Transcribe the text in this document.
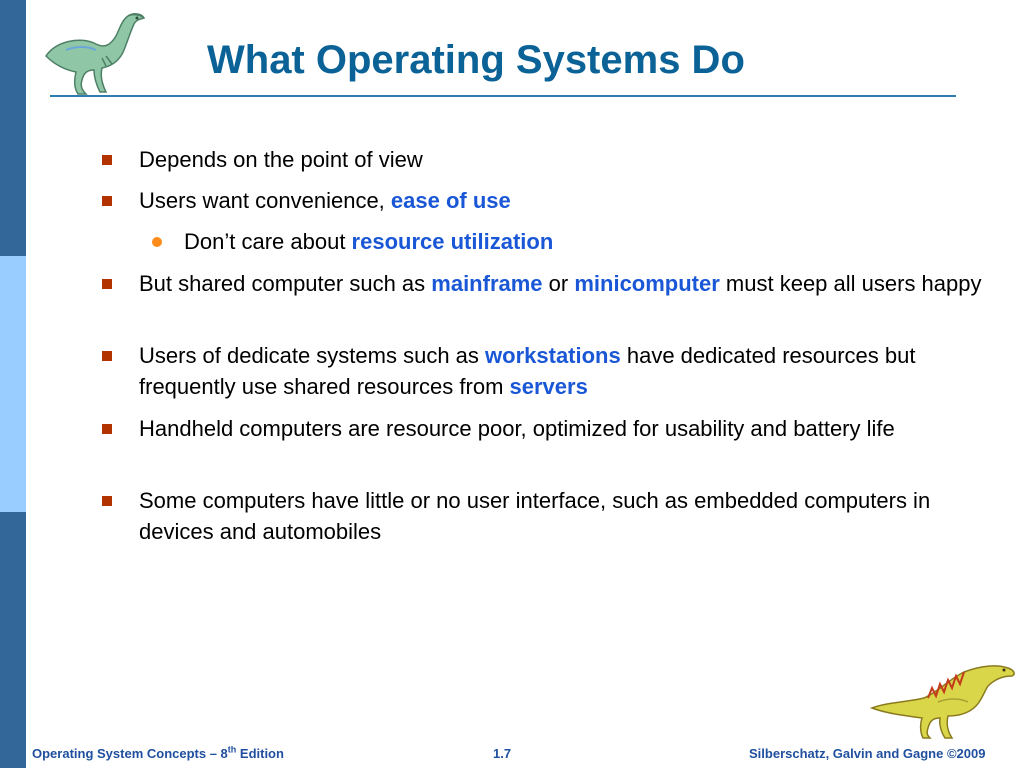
What Operating Systems Do
Depends on the point of view
Users want convenience, ease of use
Don’t care about resource utilization
But shared computer such as mainframe or minicomputer must keep all users happy
Users of dedicate systems such as workstations have dedicated resources but frequently use shared resources from servers
Handheld computers are resource poor, optimized for usability and battery life
Some computers have little or no user interface, such as embedded computers in devices and automobiles
Operating System Concepts – 8th Edition	1.7	Silberschatz, Galvin and Gagne ©2009
